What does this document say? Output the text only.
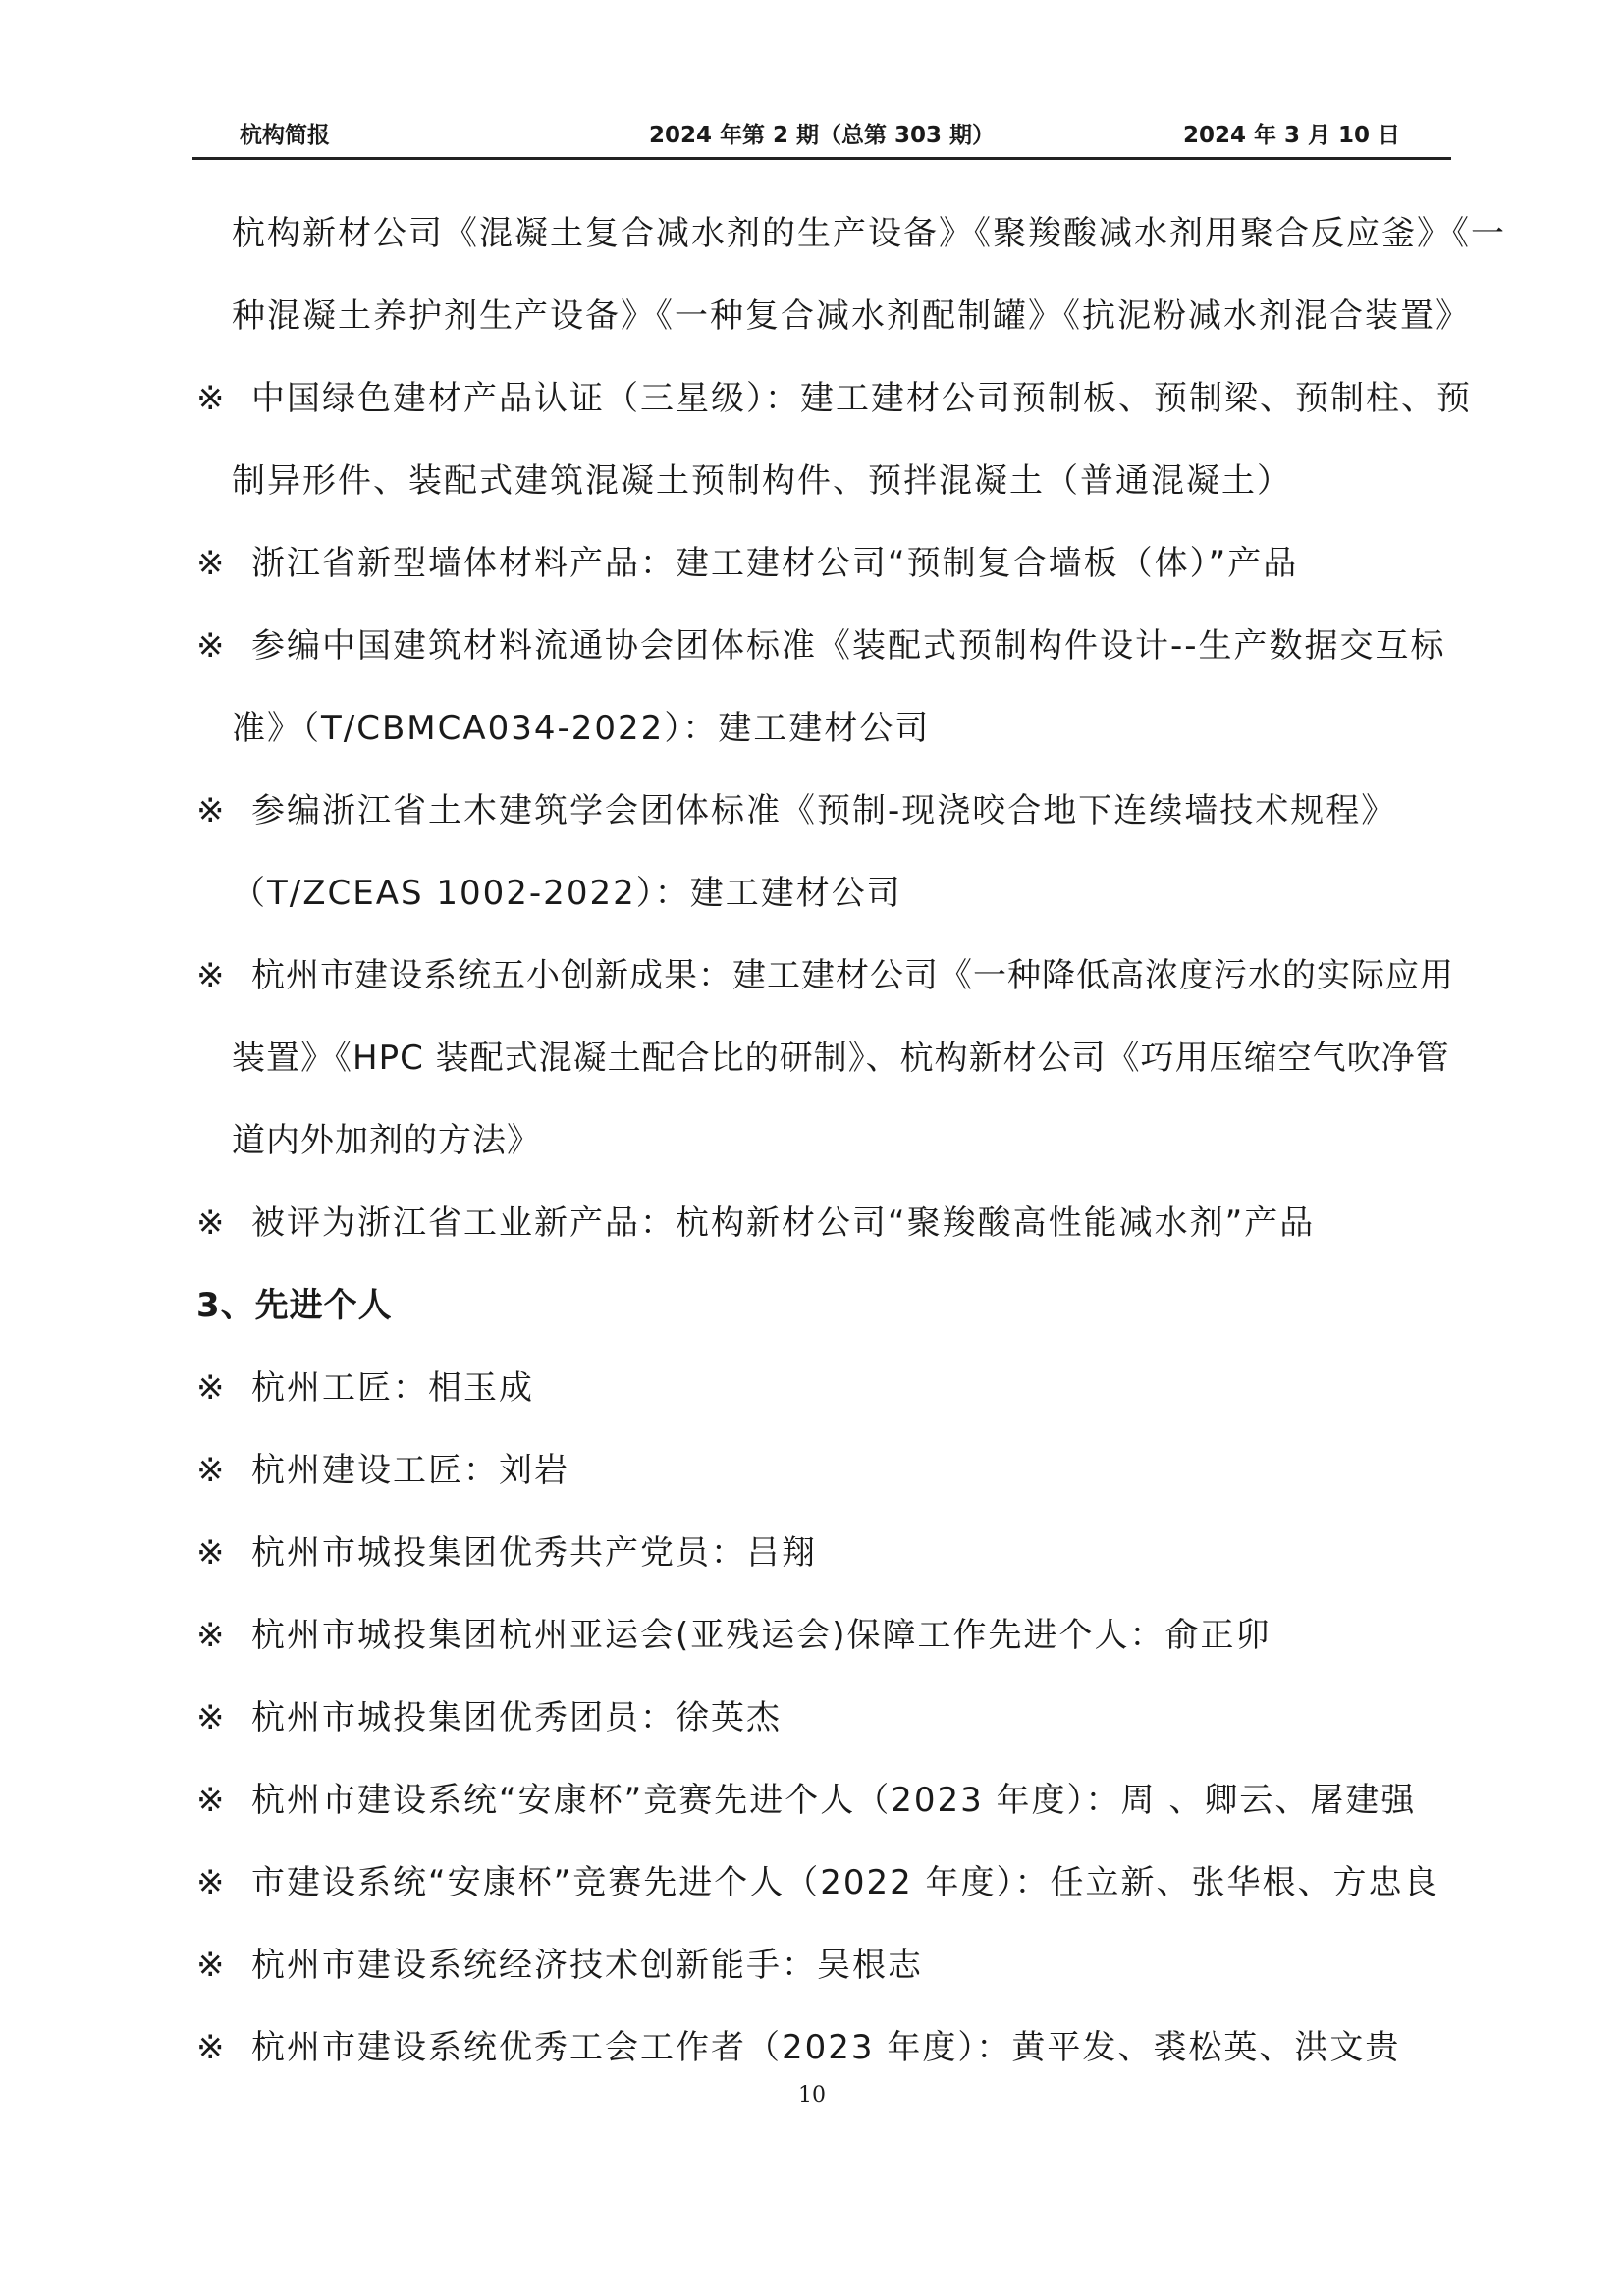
杭构简报	2024 年第 2 期（总第 303 期）	2024 年 3 月 10 日
杭构新材公司《混凝土复合减水剂的生产设备》《聚羧酸减水剂用聚合反应釜》《一
种混凝土养护剂生产设备》《一种复合减水剂配制罐》《抗泥粉减水剂混合装置》
※ 中国绿色建材产品认证（三星级）：建工建材公司预制板、预制梁、预制柱、预
制异形件、装配式建筑混凝土预制构件、预拌混凝土（普通混凝土）
※ 浙江省新型墙体材料产品：建工建材公司“预制复合墙板（体）”产品
※ 参编中国建筑材料流通协会团体标准《装配式预制构件设计--生产数据交互标
准》（T/CBMCA034-2022）：建工建材公司
※ 参编浙江省土木建筑学会团体标准《预制-现浇咬合地下连续墙技术规程》
（T/ZCEAS 1002-2022）：建工建材公司
※ 杭州市建设系统五小创新成果：建工建材公司《一种降低高浓度污水的实际应用
装置》《HPC 装配式混凝土配合比的研制》、杭构新材公司《巧用压缩空气吹净管
道内外加剂的方法》
※ 被评为浙江省工业新产品：杭构新材公司“聚羧酸高性能减水剂”产品
3、先进个人
※ 杭州工匠：相玉成
※ 杭州建设工匠：刘岩
※ 杭州市城投集团优秀共产党员：吕翔
※ 杭州市城投集团杭州亚运会(亚残运会)保障工作先进个人：俞正卯
※ 杭州市城投集团优秀团员：徐英杰
※ 杭州市建设系统“安康杯”竞赛先进个人（2023 年度）：周 、卿云、屠建强
※ 市建设系统“安康杯”竞赛先进个人（2022 年度）：任立新、张华根、方忠良
※ 杭州市建设系统经济技术创新能手：吴根志
※ 杭州市建设系统优秀工会工作者（2023 年度）：黄平发、裘松英、洪文贵
10
